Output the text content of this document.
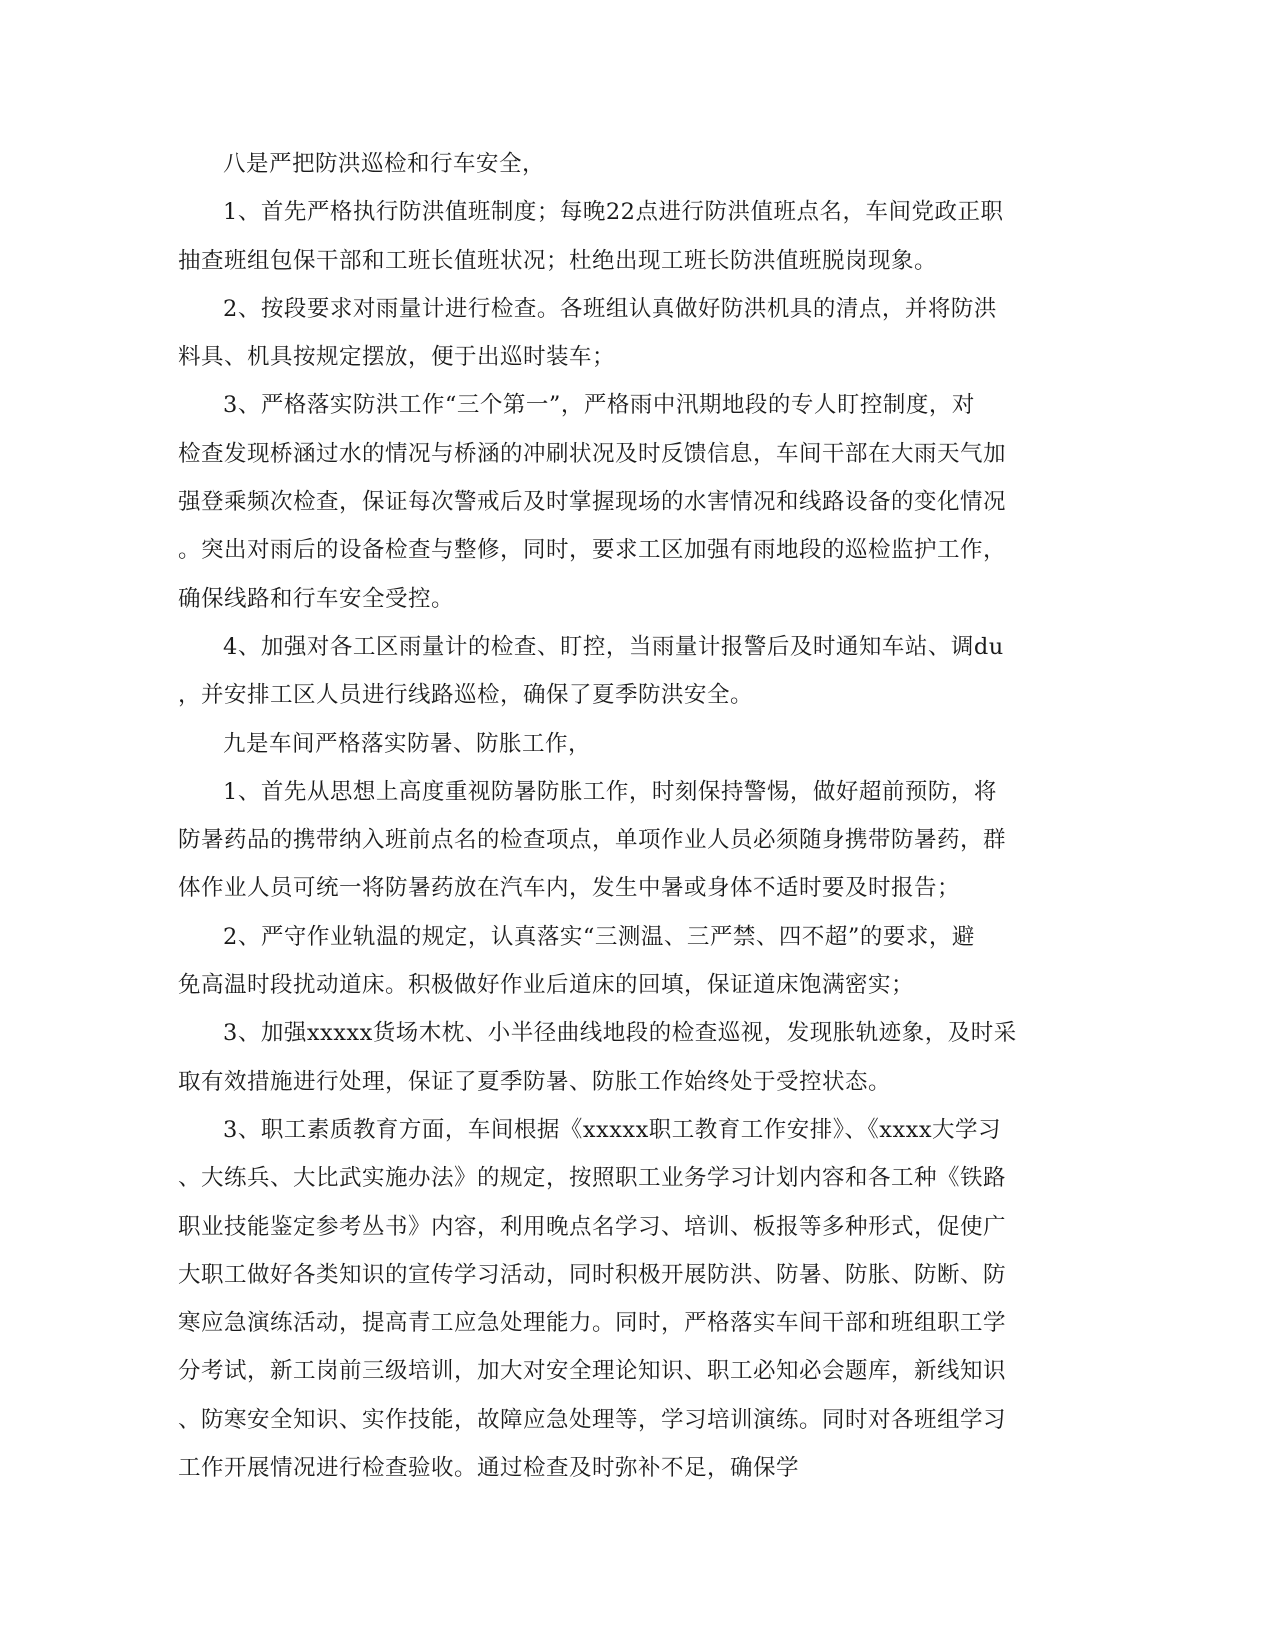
八是严把防洪巡检和行车安全，

1、首先严格执行防洪值班制度；每晚22点进行防洪值班点名，车间党政正职
抽查班组包保干部和工班长值班状况；杜绝出现工班长防洪值班脱岗现象。

2、按段要求对雨量计进行检查。各班组认真做好防洪机具的清点，并将防洪
料具、机具按规定摆放，便于出巡时装车；

3、严格落实防洪工作“三个第一”，严格雨中汛期地段的专人盯控制度，对
检查发现桥涵过水的情况与桥涵的冲刷状况及时反馈信息，车间干部在大雨天气加
强登乘频次检查，保证每次警戒后及时掌握现场的水害情况和线路设备的变化情况
。突出对雨后的设备检查与整修，同时，要求工区加强有雨地段的巡检监护工作，
确保线路和行车安全受控。

4、加强对各工区雨量计的检查、盯控，当雨量计报警后及时通知车站、调du
，并安排工区人员进行线路巡检，确保了夏季防洪安全。

九是车间严格落实防暑、防胀工作，

1、首先从思想上高度重视防暑防胀工作，时刻保持警惕，做好超前预防，将
防暑药品的携带纳入班前点名的检查项点，单项作业人员必须随身携带防暑药，群
体作业人员可统一将防暑药放在汽车内，发生中暑或身体不适时要及时报告；

2、严守作业轨温的规定，认真落实“三测温、三严禁、四不超”的要求，避
免高温时段扰动道床。积极做好作业后道床的回填，保证道床饱满密实；

3、加强xxxxx货场木枕、小半径曲线地段的检查巡视，发现胀轨迹象，及时采
取有效措施进行处理，保证了夏季防暑、防胀工作始终处于受控状态。

3、职工素质教育方面，车间根据《xxxxx职工教育工作安排》、《xxxx大学习
、大练兵、大比武实施办法》的规定，按照职工业务学习计划内容和各工种《铁路
职业技能鉴定参考丛书》内容，利用晚点名学习、培训、板报等多种形式，促使广
大职工做好各类知识的宣传学习活动，同时积极开展防洪、防暑、防胀、防断、防
寒应急演练活动，提高青工应急处理能力。同时，严格落实车间干部和班组职工学
分考试，新工岗前三级培训，加大对安全理论知识、职工必知必会题库，新线知识
、防寒安全知识、实作技能，故障应急处理等，学习培训演练。同时对各班组学习
工作开展情况进行检查验收。通过检查及时弥补不足，确保学
